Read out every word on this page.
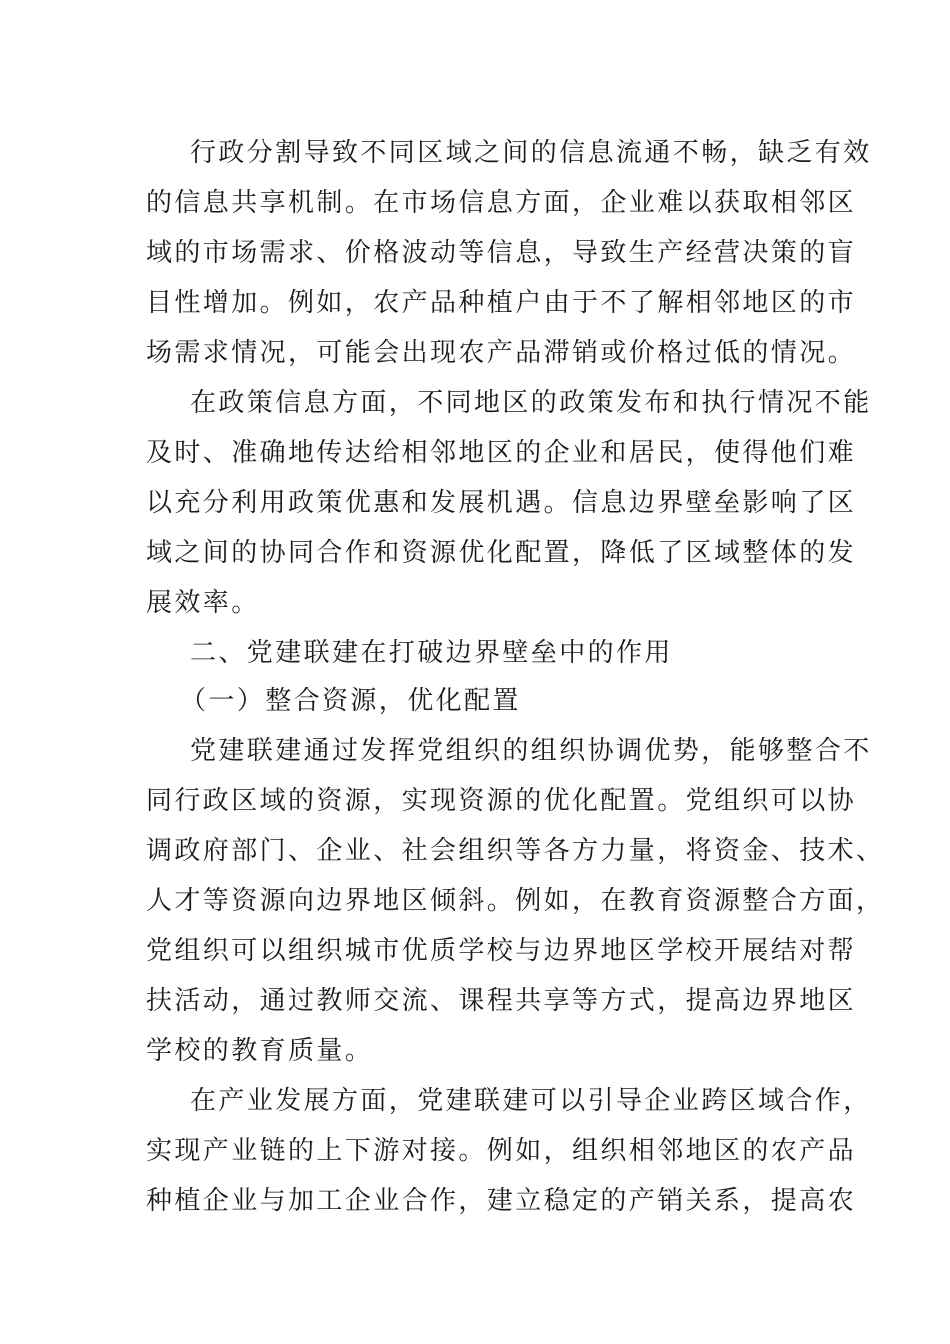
行政分割导致不同区域之间的信息流通不畅，缺乏有效

的信息共享机制。在市场信息方面，企业难以获取相邻区

域的市场需求、价格波动等信息，导致生产经营决策的盲

目性增加。例如，农产品种植户由于不了解相邻地区的市

场需求情况，可能会出现农产品滞销或价格过低的情况。

在政策信息方面，不同地区的政策发布和执行情况不能

及时、准确地传达给相邻地区的企业和居民，使得他们难

以充分利用政策优惠和发展机遇。信息边界壁垒影响了区

域之间的协同合作和资源优化配置，降低了区域整体的发

展效率。

二、党建联建在打破边界壁垒中的作用
（一）整合资源，优化配置

党建联建通过发挥党组织的组织协调优势，能够整合不

同行政区域的资源，实现资源的优化配置。党组织可以协

调政府部门、企业、社会组织等各方力量，将资金、技术、

人才等资源向边界地区倾斜。例如，在教育资源整合方面，

党组织可以组织城市优质学校与边界地区学校开展结对帮

扶活动，通过教师交流、课程共享等方式，提高边界地区

学校的教育质量。

在产业发展方面，党建联建可以引导企业跨区域合作，

实现产业链的上下游对接。例如，组织相邻地区的农产品

种植企业与加工企业合作，建立稳定的产销关系，提高农
